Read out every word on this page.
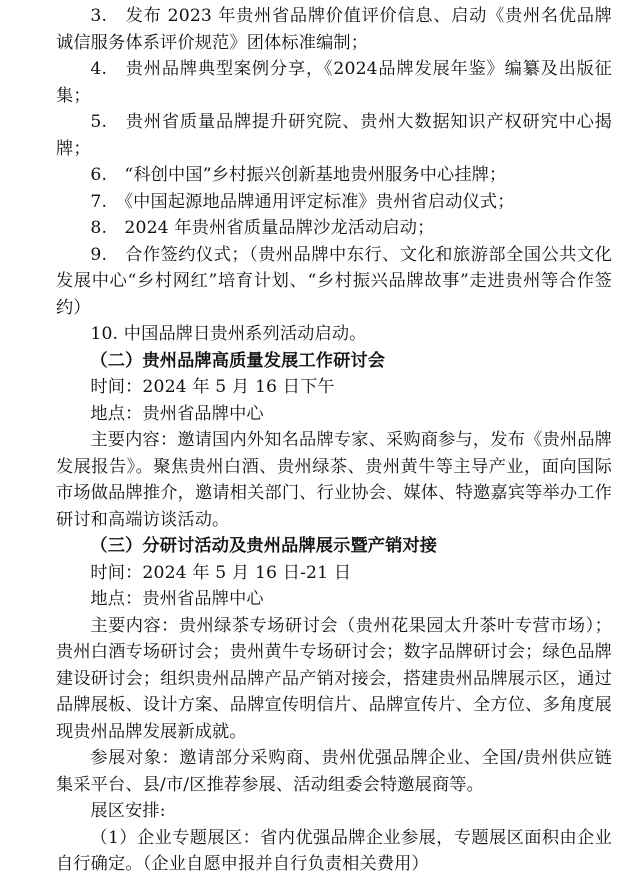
3.　发布 2023 年贵州省品牌价值评价信息、启动《贵州名优品牌诚信服务体系评价规范》团体标准编制；

4.　贵州品牌典型案例分享，《2024品牌发展年鉴》编纂及出版征集；

5.　贵州省质量品牌提升研究院、贵州大数据知识产权研究中心揭牌；

6.　“科创中国”乡村振兴创新基地贵州服务中心挂牌；

7.　《中国起源地品牌通用评定标准》贵州省启动仪式；

8.　2024 年贵州省质量品牌沙龙活动启动；

9.　合作签约仪式；（贵州品牌中东行、文化和旅游部全国公共文化发展中心“乡村网红”培育计划、“乡村振兴品牌故事”走进贵州等合作签约）

10. 中国品牌日贵州系列活动启动。

（二）贵州品牌高质量发展工作研讨会

时间：2024 年 5 月 16 日下午

地点：贵州省品牌中心

主要内容：邀请国内外知名品牌专家、采购商参与，发布《贵州品牌发展报告》。聚焦贵州白酒、贵州绿茶、贵州黄牛等主导产业，面向国际市场做品牌推介，邀请相关部门、行业协会、媒体、特邀嘉宾等举办工作研讨和高端访谈活动。

（三）分研讨活动及贵州品牌展示暨产销对接

时间：2024 年 5 月 16 日-21 日

地点：贵州省品牌中心

主要内容：贵州绿茶专场研讨会（贵州花果园太升茶叶专营市场）；贵州白酒专场研讨会；贵州黄牛专场研讨会；数字品牌研讨会；绿色品牌建设研讨会；组织贵州品牌产品产销对接会，搭建贵州品牌展示区，通过品牌展板、设计方案、品牌宣传明信片、品牌宣传片、全方位、多角度展现贵州品牌发展新成就。

参展对象：邀请部分采购商、贵州优强品牌企业、全国/贵州供应链集采平台、县/市/区推荐参展、活动组委会特邀展商等。

展区安排:

（1）企业专题展区：省内优强品牌企业参展，专题展区面积由企业自行确定。（企业自愿申报并自行负责相关费用）
